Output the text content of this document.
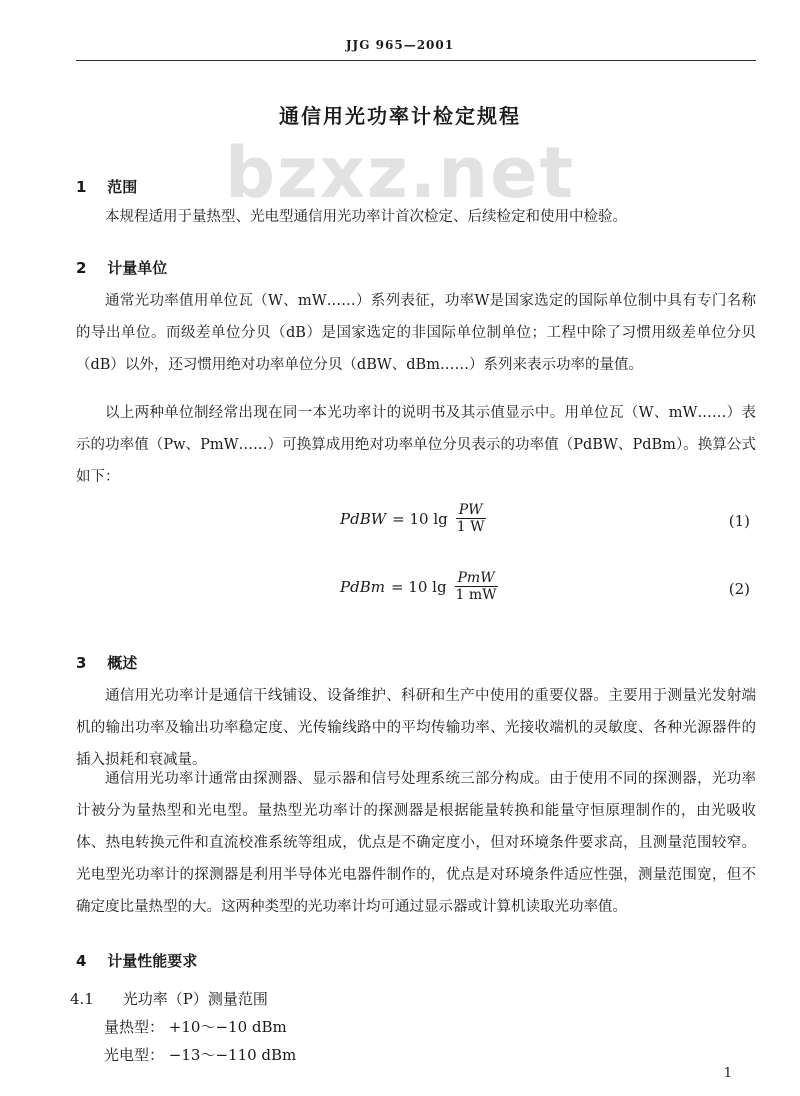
JJG 965—2001
bzxz.net
通信用光功率计检定规程
1 范围
本规程适用于量热型、光电型通信用光功率计首次检定、后续检定和使用中检验。
2 计量单位
通常光功率值用单位瓦（W、mW……）系列表征，功率W是国家选定的国际单位制中具有专门名称的导出单位。而级差单位分贝（dB）是国家选定的非国际单位制单位；工程中除了习惯用级差单位分贝（dB）以外，还习惯用绝对功率单位分贝（dBW、dBm……）系列来表示功率的量值。
以上两种单位制经常出现在同一本光功率计的说明书及其示值显示中。用单位瓦（W、mW……）表示的功率值（Pw、PmW……）可换算成用绝对功率单位分贝表示的功率值（PdBW、PdBm）。换算公式如下：
PdBW = 10 $\lg \frac{PW}{1 W}$	(1)
PdBm = 10 $\lg \frac{\text{PmW}}{1 mW}$	(2)
3 概述
通信用光功率计是通信干线铺设、设备维护、科研和生产中使用的重要仪器。主要用于测量光发射端机的输出功率及输出功率稳定度、光传输线路中的平均传输功率、光接收端机的灵敏度、各种光源器件的插入损耗和衰减量。
通信用光功率计通常由探测器、显示器和信号处理系统三部分构成。由于使用不同的探测器，光功率计被分为量热型和光电型。量热型光功率计的探测器是根据能量转换和能量守恒原理制作的，由光吸收体、热电转换元件和直流校准系统等组成，优点是不确定度小，但对环境条件要求高，且测量范围较窄。光电型光功率计的探测器是利用半导体光电器件制作的，优点是对环境条件适应性强，测量范围宽，但不确定度比量热型的大。这两种类型的光功率计均可通过显示器或计算机读取光功率值。
4 计量性能要求
4.1 光功率（P）测量范围
量热型： +10～−10 dBm
光电型： −13～−110 dBm
1
